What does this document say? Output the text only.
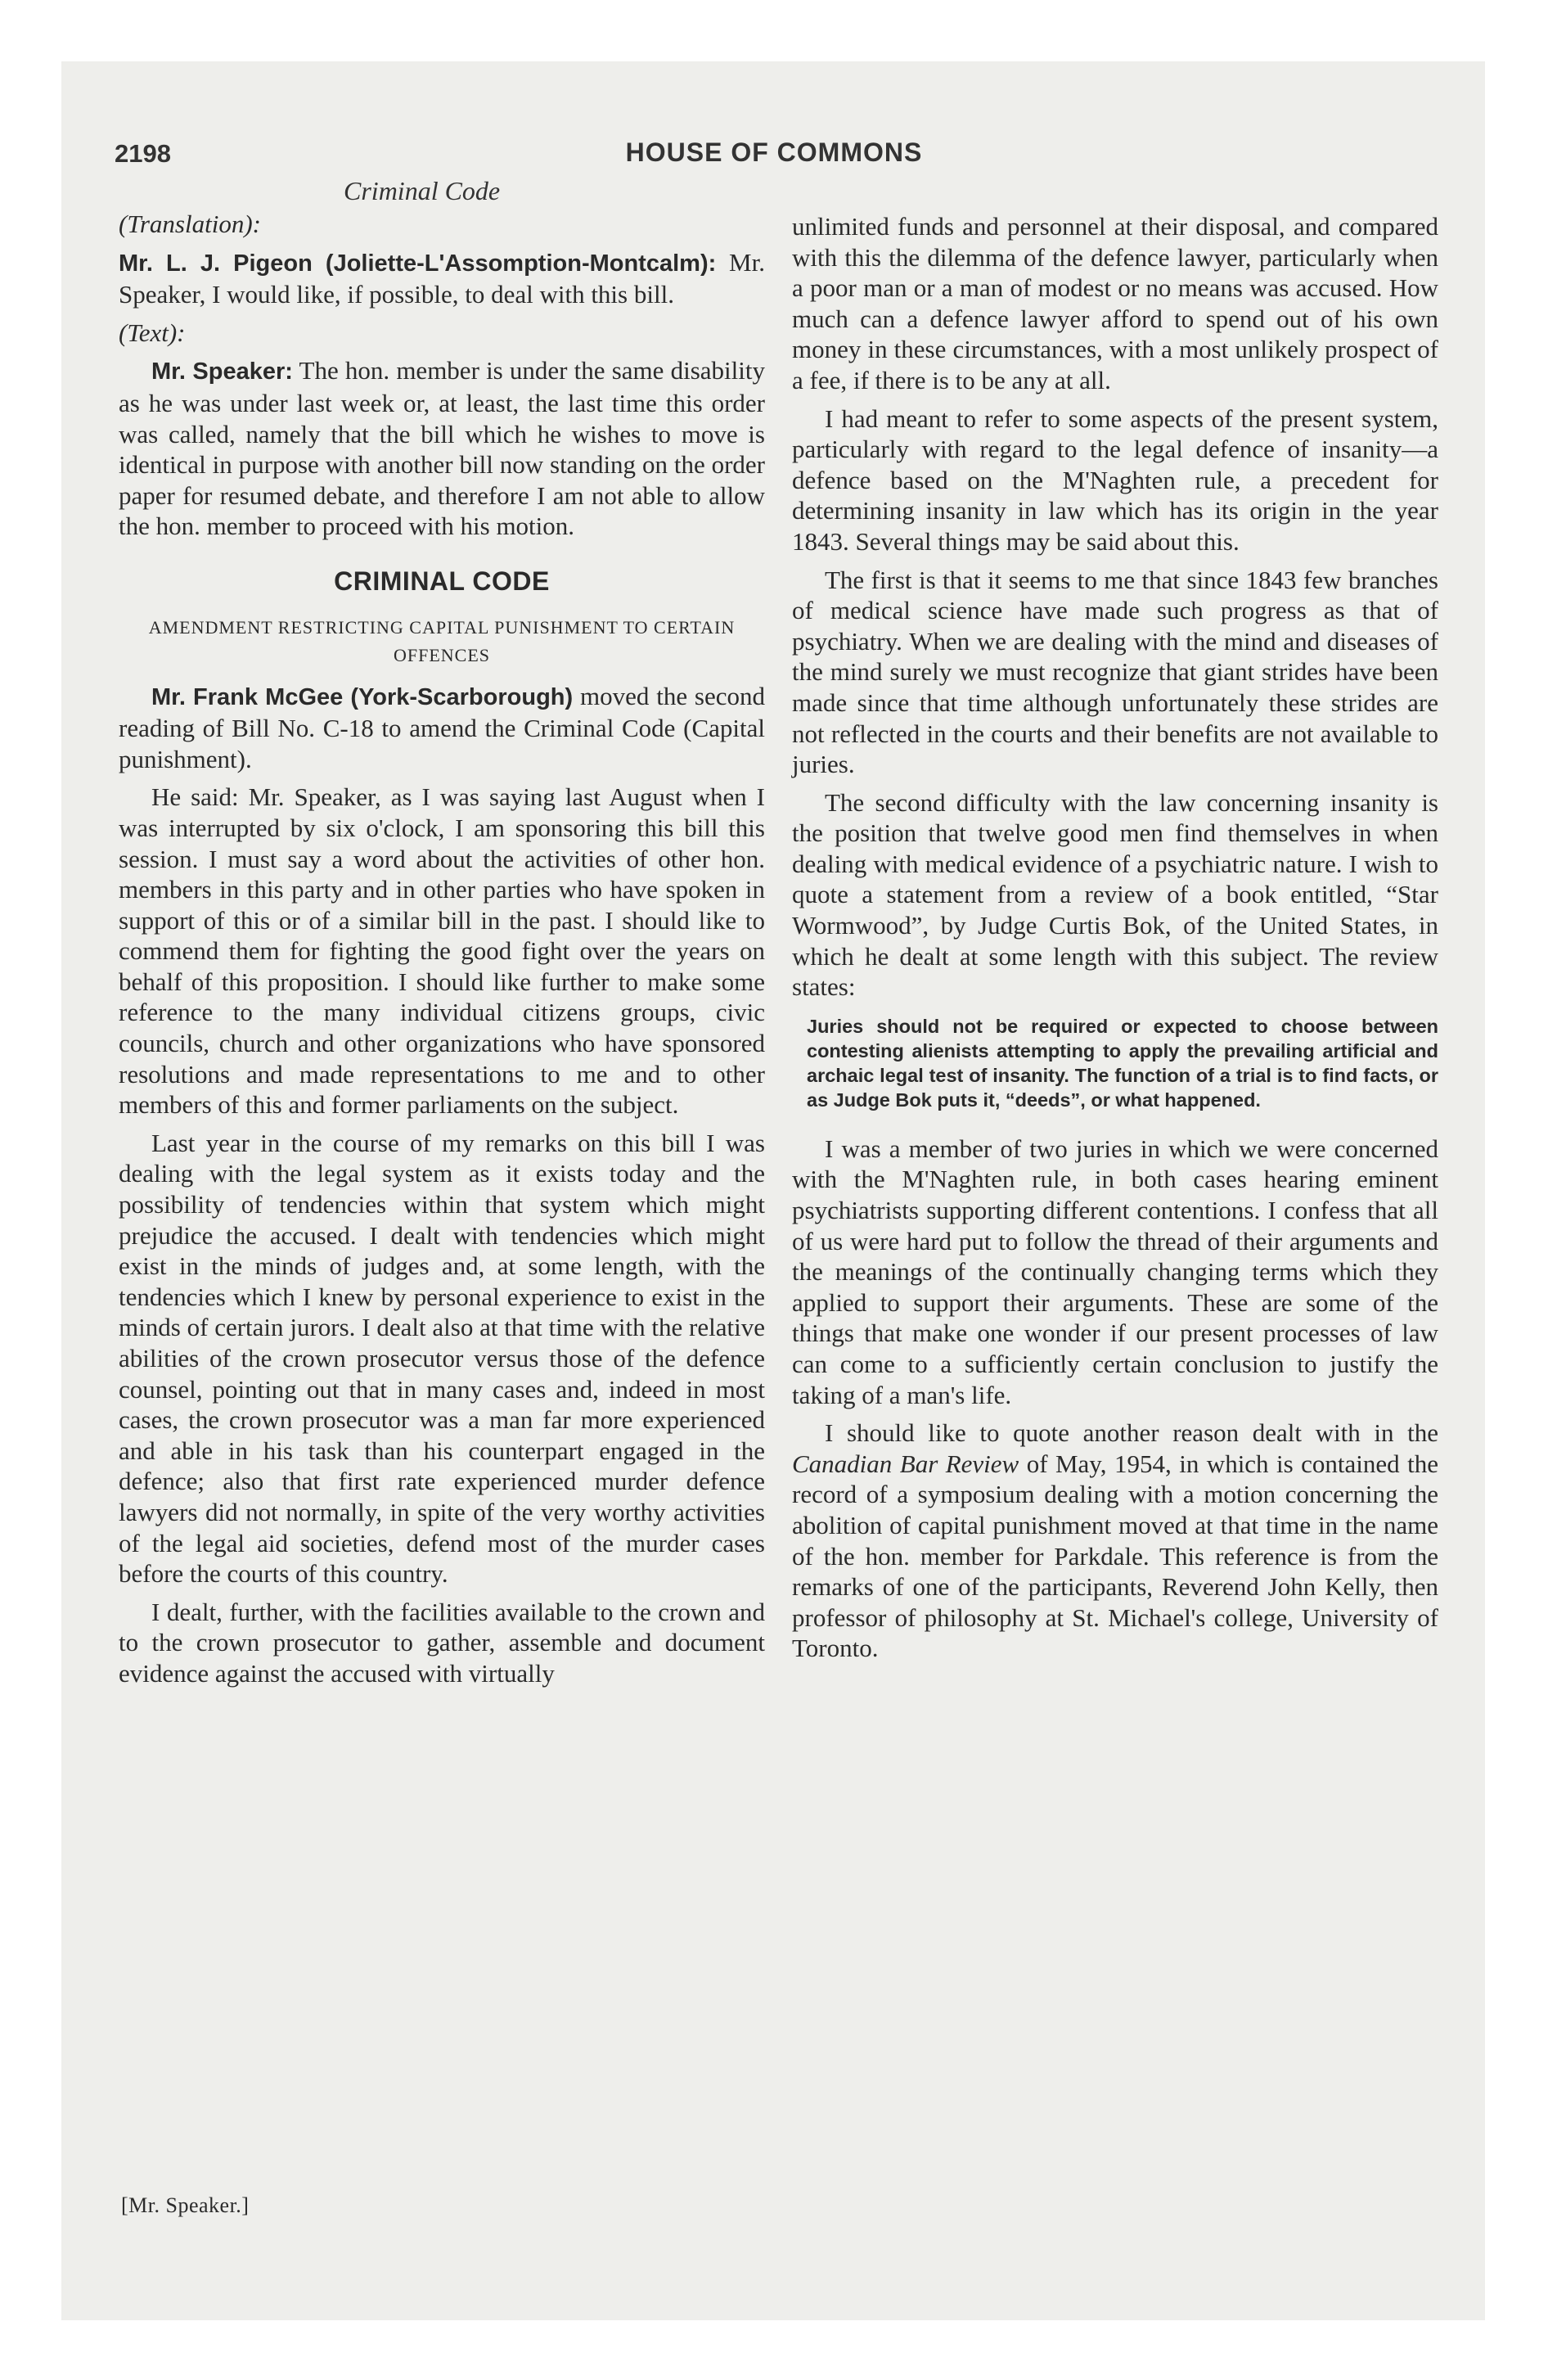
2198	HOUSE OF COMMONS
Criminal Code

(Translation):

Mr. L. J. Pigeon (Joliette-L'Assomption-Montcalm): Mr. Speaker, I would like, if possible, to deal with this bill.

(Text):

Mr. Speaker: The hon. member is under the same disability as he was under last week or, at least, the last time this order was called, namely that the bill which he wishes to move is identical in purpose with another bill now standing on the order paper for resumed debate, and therefore I am not able to allow the hon. member to proceed with his motion.

CRIMINAL CODE
AMENDMENT RESTRICTING CAPITAL PUNISHMENT TO CERTAIN OFFENCES

Mr. Frank McGee (York-Scarborough) moved the second reading of Bill No. C-18 to amend the Criminal Code (Capital punishment).

He said: Mr. Speaker, as I was saying last August when I was interrupted by six o'clock, I am sponsoring this bill this session. I must say a word about the activities of other hon. members in this party and in other parties who have spoken in support of this or of a similar bill in the past. I should like to commend them for fighting the good fight over the years on behalf of this proposition. I should like further to make some reference to the many individual citizens groups, civic councils, church and other organizations who have sponsored resolutions and made representations to me and to other members of this and former parliaments on the subject.

Last year in the course of my remarks on this bill I was dealing with the legal system as it exists today and the possibility of tendencies within that system which might prejudice the accused. I dealt with tendencies which might exist in the minds of judges and, at some length, with the tendencies which I knew by personal experience to exist in the minds of certain jurors. I dealt also at that time with the relative abilities of the crown prosecutor versus those of the defence counsel, pointing out that in many cases and, indeed in most cases, the crown prosecutor was a man far more experienced and able in his task than his counterpart engaged in the defence; also that first rate experienced murder defence lawyers did not normally, in spite of the very worthy activities of the legal aid societies, defend most of the murder cases before the courts of this country.

I dealt, further, with the facilities available to the crown and to the crown prosecutor to gather, assemble and document evidence against the accused with virtually

unlimited funds and personnel at their disposal, and compared with this the dilemma of the defence lawyer, particularly when a poor man or a man of modest or no means was accused. How much can a defence lawyer afford to spend out of his own money in these circumstances, with a most unlikely prospect of a fee, if there is to be any at all.

I had meant to refer to some aspects of the present system, particularly with regard to the legal defence of insanity—a defence based on the M'Naghten rule, a precedent for determining insanity in law which has its origin in the year 1843. Several things may be said about this.

The first is that it seems to me that since 1843 few branches of medical science have made such progress as that of psychiatry. When we are dealing with the mind and diseases of the mind surely we must recognize that giant strides have been made since that time although unfortunately these strides are not reflected in the courts and their benefits are not available to juries.

The second difficulty with the law concerning insanity is the position that twelve good men find themselves in when dealing with medical evidence of a psychiatric nature. I wish to quote a statement from a review of a book entitled, “Star Wormwood”, by Judge Curtis Bok, of the United States, in which he dealt at some length with this subject. The review states:

Juries should not be required or expected to choose between contesting alienists attempting to apply the prevailing artificial and archaic legal test of insanity. The function of a trial is to find facts, or as Judge Bok puts it, “deeds”, or what happened.

I was a member of two juries in which we were concerned with the M'Naghten rule, in both cases hearing eminent psychiatrists supporting different contentions. I confess that all of us were hard put to follow the thread of their arguments and the meanings of the continually changing terms which they applied to support their arguments. These are some of the things that make one wonder if our present processes of law can come to a sufficiently certain conclusion to justify the taking of a man's life.

I should like to quote another reason dealt with in the Canadian Bar Review of May, 1954, in which is contained the record of a symposium dealing with a motion concerning the abolition of capital punishment moved at that time in the name of the hon. member for Parkdale. This reference is from the remarks of one of the participants, Reverend John Kelly, then professor of philosophy at St. Michael's college, University of Toronto.

[Mr. Speaker.]
